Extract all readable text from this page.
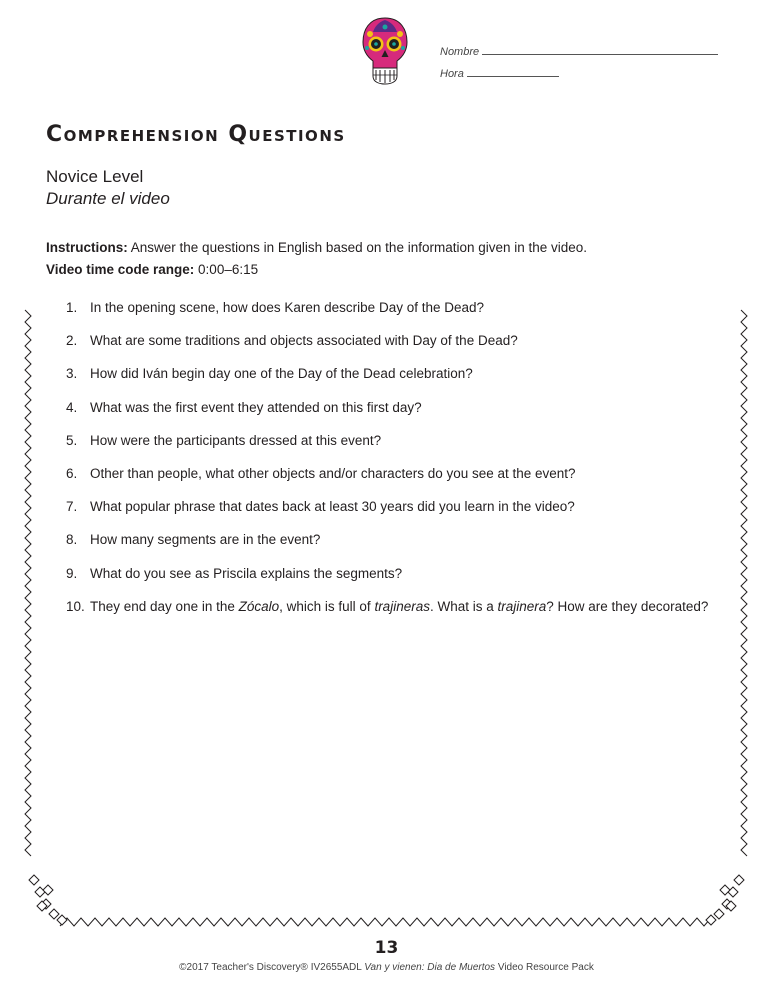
Nombre
Hora
Comprehension Questions
Novice Level
Durante el video
Instructions: Answer the questions in English based on the information given in the video.
Video time code range: 0:00–6:15
1. In the opening scene, how does Karen describe Day of the Dead?
2. What are some traditions and objects associated with Day of the Dead?
3. How did Iván begin day one of the Day of the Dead celebration?
4. What was the first event they attended on this first day?
5. How were the participants dressed at this event?
6. Other than people, what other objects and/or characters do you see at the event?
7. What popular phrase that dates back at least 30 years did you learn in the video?
8. How many segments are in the event?
9. What do you see as Priscila explains the segments?
10. They end day one in the Zócalo, which is full of trajineras. What is a trajinera? How are they decorated?
13
©2017 Teacher's Discovery® IV2655ADL Van y vienen: Dia de Muertos Video Resource Pack
